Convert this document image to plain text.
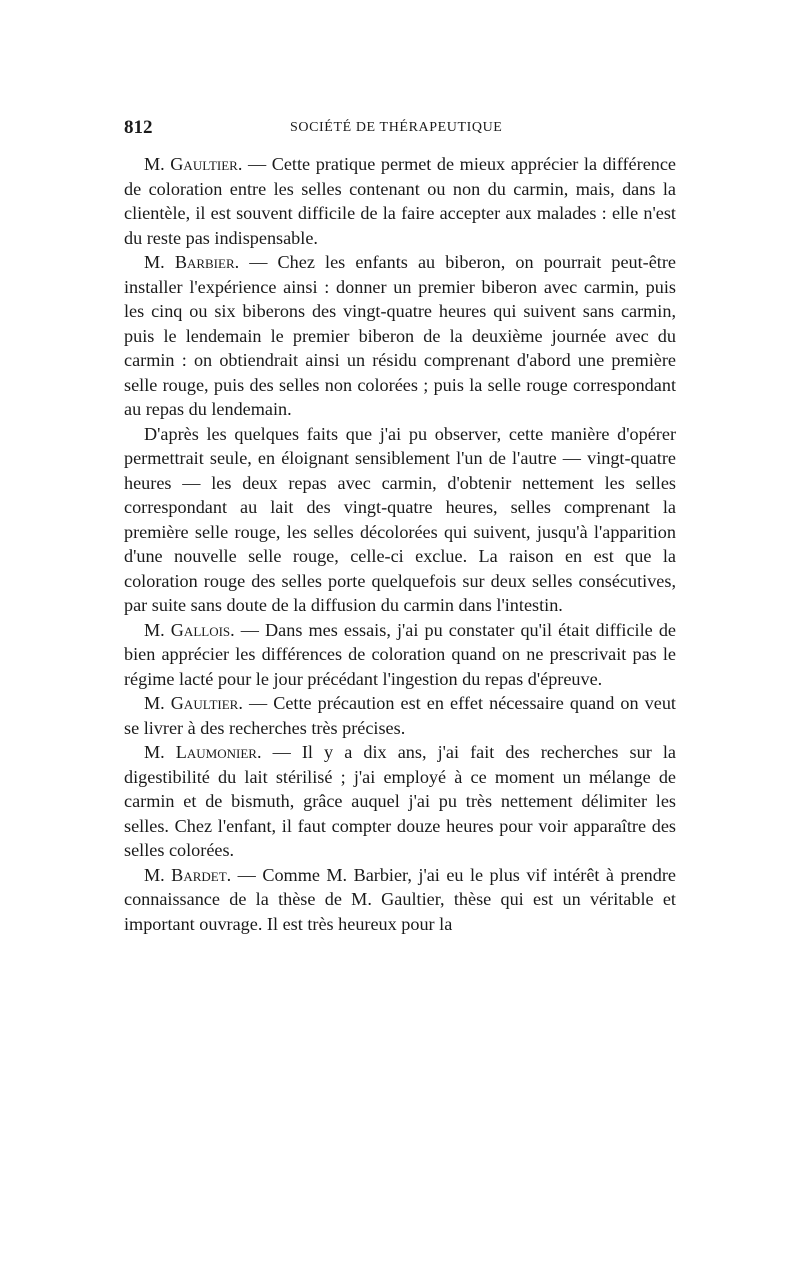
812	SOCIÉTÉ DE THÉRAPEUTIQUE

M. Gaultier. — Cette pratique permet de mieux apprécier la différence de coloration entre les selles contenant ou non du carmin, mais, dans la clientèle, il est souvent difficile de la faire accepter aux malades : elle n'est du reste pas indispensable.

M. Barbier. — Chez les enfants au biberon, on pourrait peut-être installer l'expérience ainsi : donner un premier biberon avec carmin, puis les cinq ou six biberons des vingt-quatre heures qui suivent sans carmin, puis le lendemain le premier biberon de la deuxième journée avec du carmin : on obtiendrait ainsi un résidu comprenant d'abord une première selle rouge, puis des selles non colorées ; puis la selle rouge correspondant au repas du lendemain.

D'après les quelques faits que j'ai pu observer, cette manière d'opérer permettrait seule, en éloignant sensiblement l'un de l'autre — vingt-quatre heures — les deux repas avec carmin, d'obtenir nettement les selles correspondant au lait des vingt-quatre heures, selles comprenant la première selle rouge, les selles décolorées qui suivent, jusqu'à l'apparition d'une nouvelle selle rouge, celle-ci exclue. La raison en est que la coloration rouge des selles porte quelquefois sur deux selles consécutives, par suite sans doute de la diffusion du carmin dans l'intestin.

M. Gallois. — Dans mes essais, j'ai pu constater qu'il était difficile de bien apprécier les différences de coloration quand on ne prescrivait pas le régime lacté pour le jour précédant l'ingestion du repas d'épreuve.

M. Gaultier. — Cette précaution est en effet nécessaire quand on veut se livrer à des recherches très précises.

M. Laumonier. — Il y a dix ans, j'ai fait des recherches sur la digestibilité du lait stérilisé ; j'ai employé à ce moment un mélange de carmin et de bismuth, grâce auquel j'ai pu très nettement délimiter les selles. Chez l'enfant, il faut compter douze heures pour voir apparaître des selles colorées.

M. Bardet. — Comme M. Barbier, j'ai eu le plus vif intérêt à prendre connaissance de la thèse de M. Gaultier, thèse qui est un véritable et important ouvrage. Il est très heureux pour la
